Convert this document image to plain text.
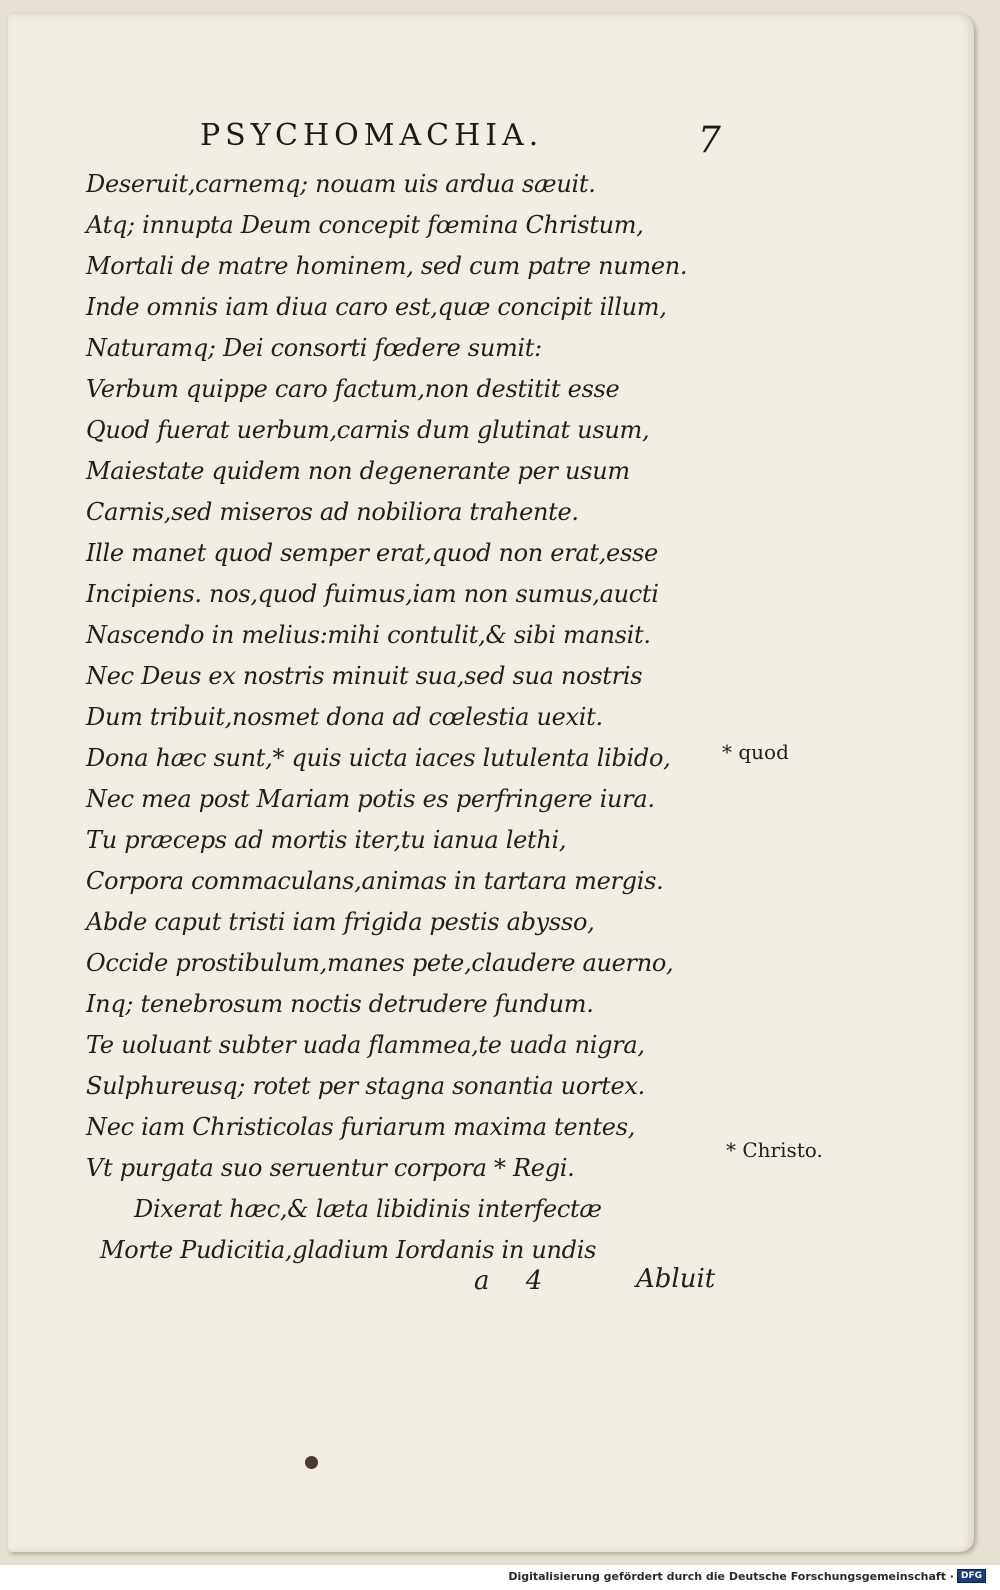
PSYCHOMACHIA.	7
Deseruit,carnemq; nouam uis ardua sæuit.
Atq; innupta Deum concepit fœmina Christum,
Mortali de matre hominem, sed cum patre numen.
Inde omnis iam diua caro est,quæ concipit illum,
Naturamq; Dei consorti fœdere sumit:
Verbum quippe caro factum,non destitit esse
Quod fuerat uerbum,carnis dum glutinat usum,
Maiestate quidem non degenerante per usum
Carnis,sed miseros ad nobiliora trahente.
Ille manet quod semper erat,quod non erat,esse
Incipiens. nos,quod fuimus,iam non sumus,aucti
Nascendo in melius:mihi contulit,& sibi mansit.
Nec Deus ex nostris minuit sua,sed sua nostris
Dum tribuit,nosmet dona ad cœlestia uexit.
Dona hæc sunt,* quis uicta iaces lutulenta libido,
Nec mea post Mariam potis es perfringere iura.
Tu præceps ad mortis iter,tu ianua lethi,
Corpora commaculans,animas in tartara mergis.
Abde caput tristi iam frigida pestis abysso,
Occide prostibulum,manes pete,claudere auerno,
Inq; tenebrosum noctis detrudere fundum.
Te uoluant subter uada flammea,te uada nigra,
Sulphureusq; rotet per stagna sonantia uortex.
Nec iam Christicolas furiarum maxima tentes,
Vt purgata suo seruentur corpora * Regi.
Dixerat hæc,& læta libidinis interfectæ
Morte Pudicitia,gladium Iordanis in undis
* quod
* Christo.
a 4	Abluit
Digitalisierung gefördert durch die Deutsche Forschungsgemeinschaft · DFG
